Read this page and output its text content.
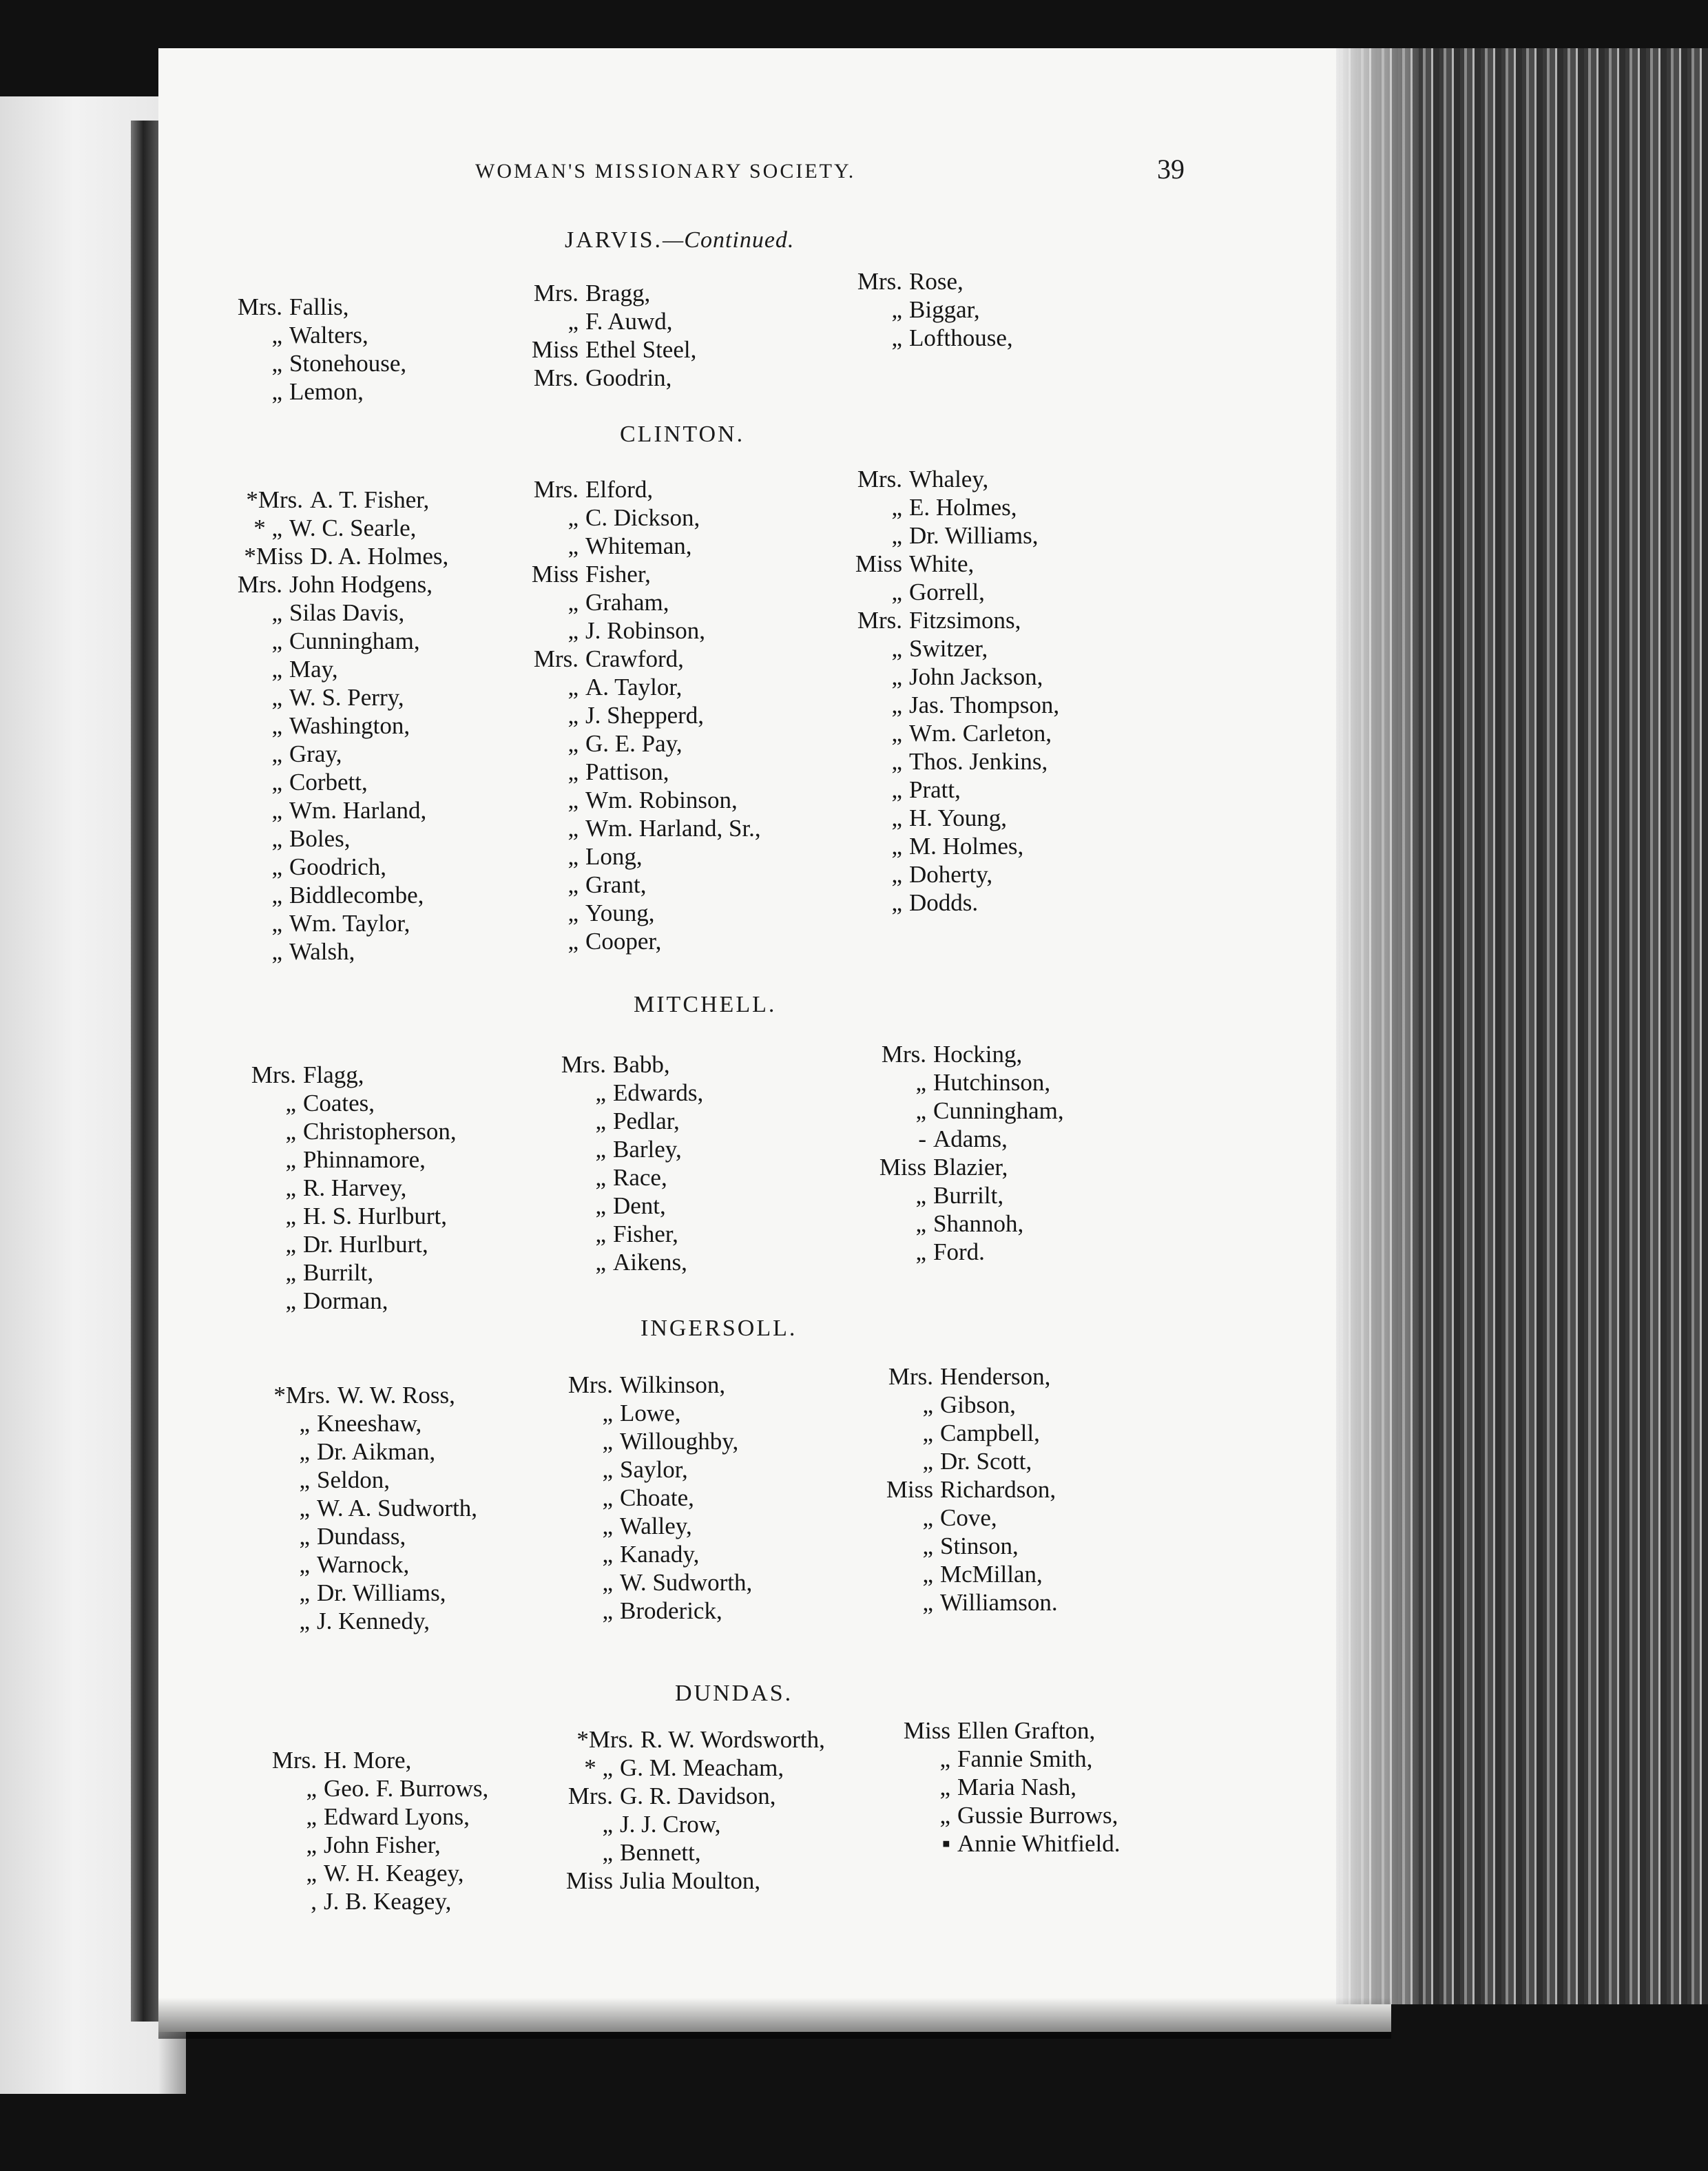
WOMAN'S MISSIONARY SOCIETY.	39
JARVIS.—Continued.
Mrs. Fallis,
„ Walters,
„ Stonehouse,
„ Lemon,
Mrs. Bragg,
„ F. Auwd,
Miss Ethel Steel,
Mrs. Goodrin,
Mrs. Rose,
„ Biggar,
„ Lofthouse,
CLINTON.
*Mrs. A. T. Fisher,
* „ W. C. Searle,
*Miss D. A. Holmes,
Mrs. John Hodgens,
„ Silas Davis,
„ Cunningham,
„ May,
„ W. S. Perry,
„ Washington,
„ Gray,
„ Corbett,
„ Wm. Harland,
„ Boles,
„ Goodrich,
„ Biddlecombe,
„ Wm. Taylor,
„ Walsh,
Mrs. Elford,
„ C. Dickson,
„ Whiteman,
Miss Fisher,
„ Graham,
„ J. Robinson,
Mrs. Crawford,
„ A. Taylor,
„ J. Shepperd,
„ G. E. Pay,
„ Pattison,
„ Wm. Robinson,
„ Wm. Harland, Sr.,
„ Long,
„ Grant,
„ Young,
„ Cooper,
Mrs. Whaley,
„ E. Holmes,
„ Dr. Williams,
Miss White,
„ Gorrell,
Mrs. Fitzsimons,
„ Switzer,
„ John Jackson,
„ Jas. Thompson,
„ Wm. Carleton,
„ Thos. Jenkins,
„ Pratt,
„ H. Young,
„ M. Holmes,
„ Doherty,
„ Dodds.
MITCHELL.
Mrs. Flagg,
„ Coates,
„ Christopherson,
„ Phinnamore,
„ R. Harvey,
„ H. S. Hurlburt,
„ Dr. Hurlburt,
„ Burrilt,
„ Dorman,
Mrs. Babb,
„ Edwards,
„ Pedlar,
„ Barley,
„ Race,
„ Dent,
„ Fisher,
„ Aikens,
Mrs. Hocking,
„ Hutchinson,
„ Cunningham,
- Adams,
Miss Blazier,
„ Burrilt,
„ Shannoh,
„ Ford.
INGERSOLL.
*Mrs. W. W. Ross,
„ Kneeshaw,
„ Dr. Aikman,
„ Seldon,
„ W. A. Sudworth,
„ Dundass,
„ Warnock,
„ Dr. Williams,
„ J. Kennedy,
Mrs. Wilkinson,
„ Lowe,
„ Willoughby,
„ Saylor,
„ Choate,
„ Walley,
„ Kanady,
„ W. Sudworth,
„ Broderick,
Mrs. Henderson,
„ Gibson,
„ Campbell,
„ Dr. Scott,
Miss Richardson,
„ Cove,
„ Stinson,
„ McMillan,
„ Williamson.
DUNDAS.
Mrs. H. More,
„ Geo. F. Burrows,
„ Edward Lyons,
„ John Fisher,
„ W. H. Keagey,
, J. B. Keagey,
*Mrs. R. W. Wordsworth,
* „ G. M. Meacham,
Mrs. G. R. Davidson,
„ J. J. Crow,
„ Bennett,
Miss Julia Moulton,
Miss Ellen Grafton,
„ Fannie Smith,
„ Maria Nash,
„ Gussie Burrows,
▪ Annie Whitfield.
